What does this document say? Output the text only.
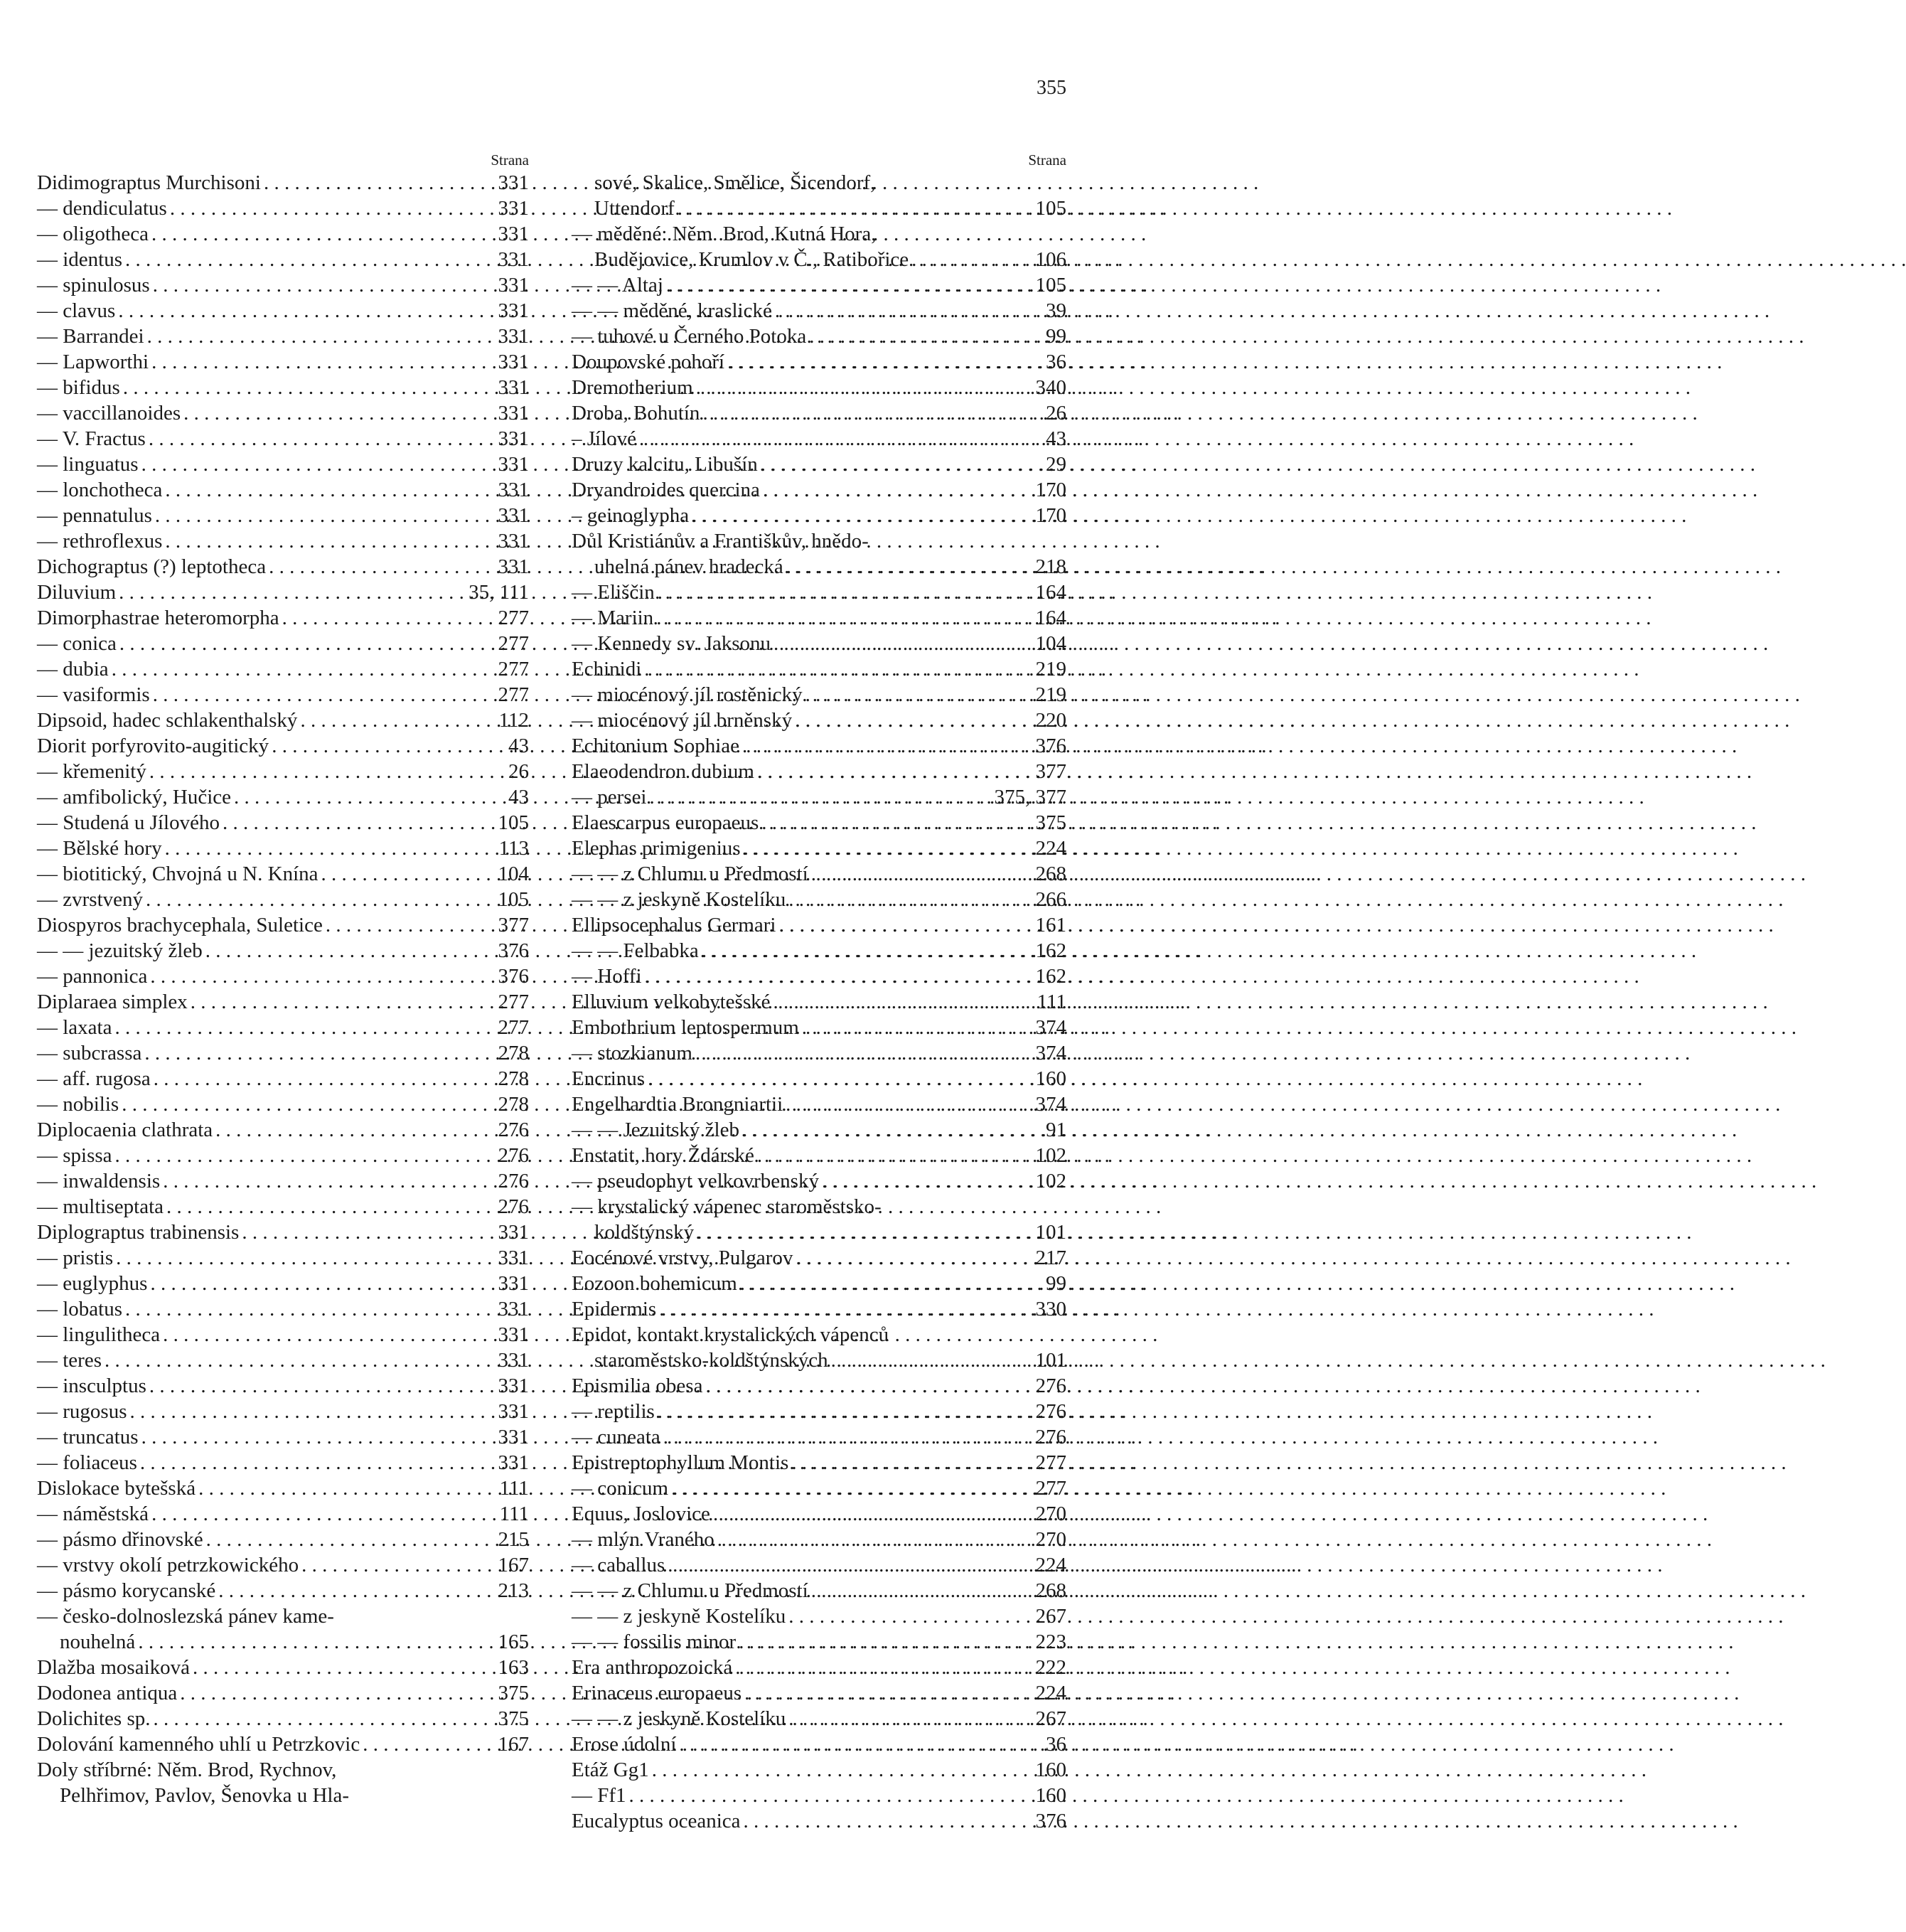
355
Strana
Didimograptus Murchisoni . . .	331
— dendiculatus . . .	331
— oligotheca . . .	331
— identus . . .	331
— spinulosus . . .	331
— clavus . . .	331
— Barrandei . . .	331
— Lapworthi . . .	331
— bifidus . . .	331
— vaccillanoides . . .	331
— V. Fractus . . .	331
— linguatus . . .	331
— lonchotheca . . .	331
— pennatulus . . .	331
— rethroflexus . . .	331
Dichograptus (?) leptotheca . . .	331
Diluvium . . .	35, 111
Dimorphastrae heteromorpha . . .	277
— conica . . .	277
— dubia . . .	277
— vasiformis . . .	277
Dipsoid, hadec schlakenthalský . . .	112
Diorit porfyrovito-augitický . . .	43
— křemenitý . . .	26
— amfibolický, Hučice . . .	43
— Studená u Jílového . . .	105
— Bělské hory . . .	113
— biotitický, Chvojná u N. Knína . . .	104
— zvrstvený . . .	105
Diospyros brachycephala, Suletice . . .	377
— — jezuitský žleb . . .	376
— pannonica . . .	376
Diplaraea simplex . . .	277
— laxata . . .	277
— subcrassa . . .	278
— aff. rugosa . . .	278
— nobilis . . .	278
Diplocaenia clathrata . . .	276
— spissa . . .	276
— inwaldensis . . .	276
— multiseptata . . .	276
Diplograptus trabinensis . . .	331
— pristis . . .	331
— euglyphus . . .	331
— lobatus . . .	331
— lingulitheca . . .	331
— teres . . .	331
— insculptus . . .	331
— rugosus . . .	331
— truncatus . . .	331
— foliaceus . . .	331
Dislokace bytešská . . .	111
— náměstská . . .	111
— pásmo dřinovské . . .	215
— vrstvy okolí petrzkowického . . .	167
— pásmo korycanské . . .	213
— česko-dolnoslezská pánev kame-
nouhelná . . .	165
Dlažba mosaiková . . .	163
Dodonea antiqua . . .	375
Dolichites sp. . . .	375
Dolování kamenného uhlí u Petrzkovic . . .	167
Doly stříbrné: Něm. Brod, Rychnov,
Pelhřimov, Pavlov, Šenovka u Hla-
Strana
sové, Skalice, Smělice, Šicendorf,
Uttendorf . . .	105
— měděné: Něm. Brod, Kutná Hora,
Budějovice, Krumlov v Č., Ratibořice . . .	106
— — Altaj . . .	105
— — měděné, kraslické . . .	39
— tuhové u Černého Potoka . . .	99
Doupovské pohoří . . .	36
Dremotherium . . .	340
Droba, Bohutín . . .	26
– Jílové . . .	43
Druzy kalcitu, Libušín . . .	29
Dryandroides quercina . . .	170
– geinoglypha . . .	170
Důl Kristiánův a Františkův, hnědo-
uhelná pánev hradecká . . .	218
— Eliščin . . .	164
— Mariin . . .	164
— Kennedy sv. Jaksonu . . .	104
Echinidi . . .	219
— miocénový jíl rostěnický . . .	219
— miocénový jíl brněnský . . .	220
Echitonium Sophiae . . .	376
Elaeodendron dubium . . .	377
— persei . . .	375, 377
Elaescarpus europaeus . . .	375
Elephas primigenius . . .	224
— — z Chlumu u Předmostí . . .	268
— — z jeskyně Kostelíku . . .	266
Ellipsocephalus Germari . . .	161
— — Felbabka . . .	162
— Hoffi . . .	162
Elluvium velkobytešské . . .	111
Embothrium leptospermum . . .	374
— stozkianum . . .	374
Encrinus . . .	160
Engelhardtia Brongniartii . . .	374
— — Jezuitský žleb . . .	91
Enstatit, hory Ždárské . . .	102
— pseudophyt velkovrbenský . . .	102
— krystalický vápenec staroměstsko-
koldštýnský . . .	101
Eocénové vrstvy, Pulgarov . . .	217
Eozoon bohemicum . . .	99
Epidermis . . .	330
Epidot, kontakt krystalických vápenců
staroměstsko-koldštýnských . . .	101
Epismilia obesa . . .	276
— reptilis . . .	276
— cuneata . . .	276
Epistreptophyllum Montis . . .	277
— conicum . . .	277
Equus, Joslovice . . .	270
— mlýn Vraného . . .	270
— caballus . . .	224
— — z Chlumu u Předmostí . . .	268
— — z jeskyně Kostelíku . . .	267
— — fossilis minor . . .	223
Era anthropozoická . . .	222
Erinaceus europaeus . . .	224
— — z jeskyně Kostelíku . . .	267
Erose údolní . . .	36
Etáž Gg1 . . .	160
— Ff1 . . .	160
Eucalyptus oceanica . . .	376
